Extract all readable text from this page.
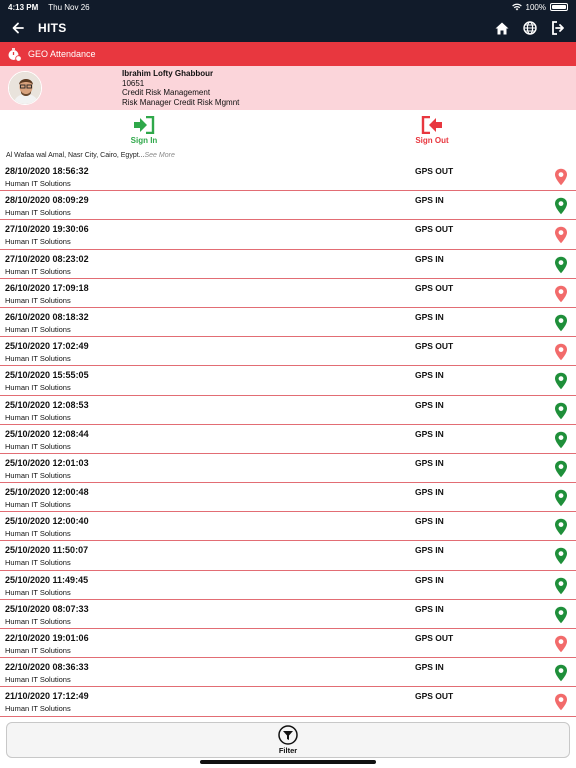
4:13 PM Thu Nov 26	100%
HITS
GEO Attendance
Ibrahim Lofty Ghabbour
10651
Credit Risk Management
Risk Manager Credit Risk Mgmnt
Sign In	Sign Out
Al Wafaa wal Amal, Nasr City, Cairo, Egypt...See More
28/10/2020 18:56:32
Human IT Solutions
GPS OUT
28/10/2020 08:09:29
Human IT Solutions
GPS IN
27/10/2020 19:30:06
Human IT Solutions
GPS OUT
27/10/2020 08:23:02
Human IT Solutions
GPS IN
26/10/2020 17:09:18
Human IT Solutions
GPS OUT
26/10/2020 08:18:32
Human IT Solutions
GPS IN
25/10/2020 17:02:49
Human IT Solutions
GPS OUT
25/10/2020 15:55:05
Human IT Solutions
GPS IN
25/10/2020 12:08:53
Human IT Solutions
GPS IN
25/10/2020 12:08:44
Human IT Solutions
GPS IN
25/10/2020 12:01:03
Human IT Solutions
GPS IN
25/10/2020 12:00:48
Human IT Solutions
GPS IN
25/10/2020 12:00:40
Human IT Solutions
GPS IN
25/10/2020 11:50:07
Human IT Solutions
GPS IN
25/10/2020 11:49:45
Human IT Solutions
GPS IN
25/10/2020 08:07:33
Human IT Solutions
GPS IN
22/10/2020 19:01:06
Human IT Solutions
GPS OUT
22/10/2020 08:36:33
Human IT Solutions
GPS IN
21/10/2020 17:12:49
Human IT Solutions
GPS OUT
Filter
